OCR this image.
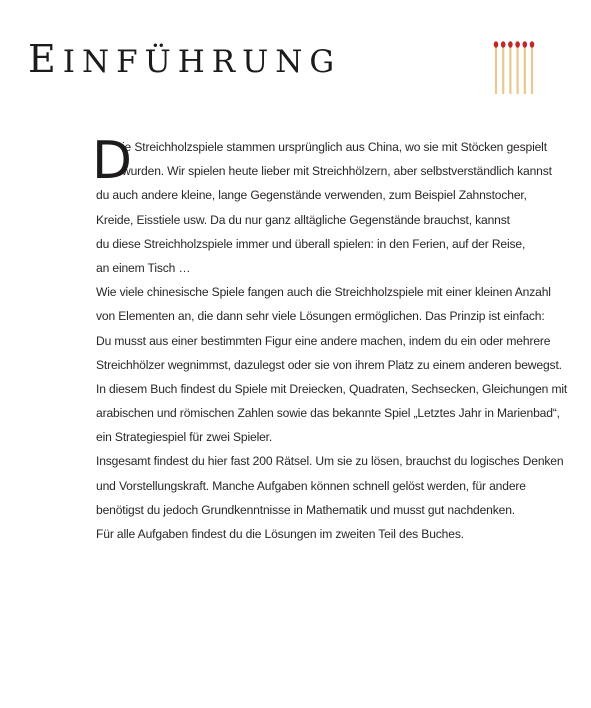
EINFÜHRUNG
D
ie Streichholzspiele stammen ursprünglich aus China, wo sie mit Stöcken gespielt
wurden. Wir spielen heute lieber mit Streichhölzern, aber selbstverständlich kannst
du auch andere kleine, lange Gegenstände verwenden, zum Beispiel Zahnstocher,
Kreide, Eisstiele usw. Da du nur ganz alltägliche Gegenstände brauchst, kannst
du diese Streichholzspiele immer und überall spielen: in den Ferien, auf der Reise,
an einem Tisch …
Wie viele chinesische Spiele fangen auch die Streichholzspiele mit einer kleinen Anzahl
von Elementen an, die dann sehr viele Lösungen ermöglichen. Das Prinzip ist einfach:
Du musst aus einer bestimmten Figur eine andere machen, indem du ein oder mehrere
Streichhölzer wegnimmst, dazulegst oder sie von ihrem Platz zu einem anderen bewegst.
In diesem Buch findest du Spiele mit Dreiecken, Quadraten, Sechsecken, Gleichungen mit
arabischen und römischen Zahlen sowie das bekannte Spiel „Letztes Jahr in Marienbad“,
ein Strategiespiel für zwei Spieler.
Insgesamt findest du hier fast 200 Rätsel. Um sie zu lösen, brauchst du logisches Denken
und Vorstellungskraft. Manche Aufgaben können schnell gelöst werden, für andere
benötigst du jedoch Grundkenntnisse in Mathematik und musst gut nachdenken.
Für alle Aufgaben findest du die Lösungen im zweiten Teil des Buches.
